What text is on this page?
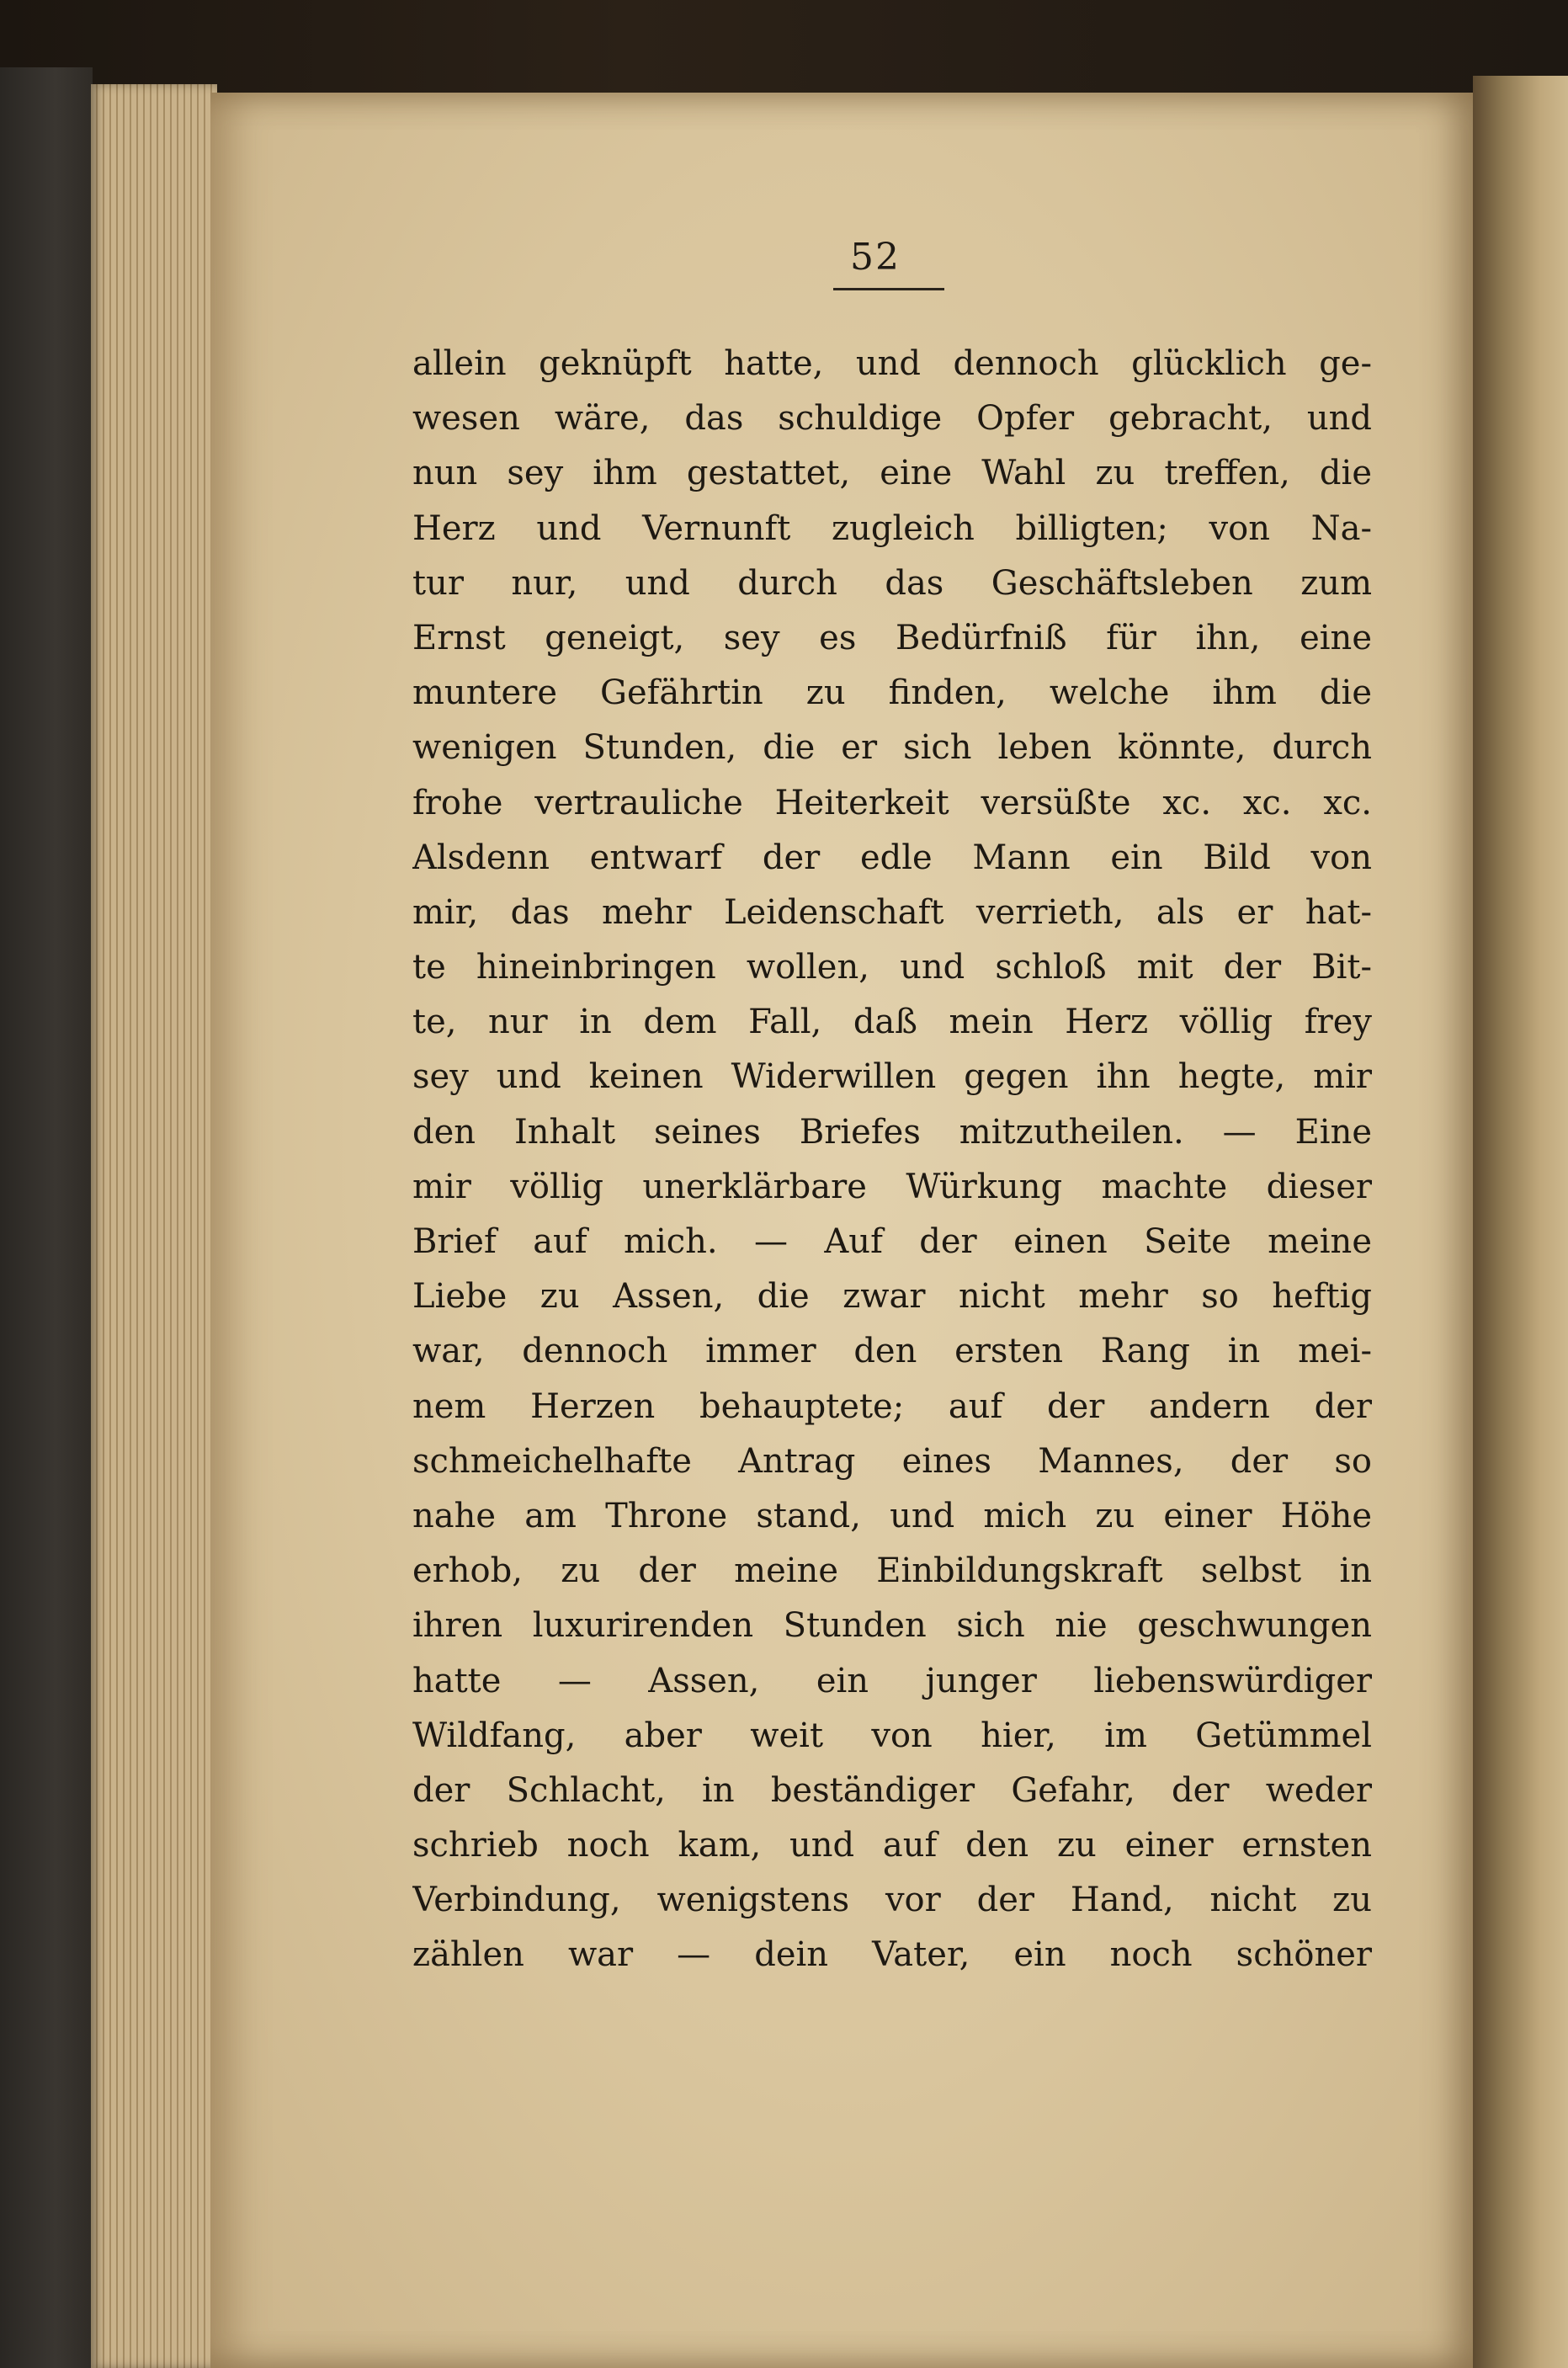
52
allein geknüpft hatte, und dennoch glücklich ge-
wesen wäre, das schuldige Opfer gebracht, und
nun sey ihm gestattet, eine Wahl zu treffen, die
Herz und Vernunft zugleich billigten; von Na-
tur nur, und durch das Geschäftsleben zum
Ernst geneigt, sey es Bedürfniß für ihn, eine
muntere Gefährtin zu finden, welche ihm die
wenigen Stunden, die er sich leben könnte, durch
frohe vertrauliche Heiterkeit versüßte xc. xc. xc.
Alsdenn entwarf der edle Mann ein Bild von
mir, das mehr Leidenschaft verrieth, als er hat-
te hineinbringen wollen, und schloß mit der Bit-
te, nur in dem Fall, daß mein Herz völlig frey
sey und keinen Widerwillen gegen ihn hegte, mir
den Inhalt seines Briefes mitzutheilen. — Eine
mir völlig unerklärbare Würkung machte dieser
Brief auf mich. — Auf der einen Seite meine
Liebe zu Assen, die zwar nicht mehr so heftig
war, dennoch immer den ersten Rang in mei-
nem Herzen behauptete; auf der andern der
schmeichelhafte Antrag eines Mannes, der so
nahe am Throne stand, und mich zu einer Höhe
erhob, zu der meine Einbildungskraft selbst in
ihren luxurirenden Stunden sich nie geschwungen
hatte — Assen, ein junger liebenswürdiger
Wildfang, aber weit von hier, im Getümmel
der Schlacht, in beständiger Gefahr, der weder
schrieb noch kam, und auf den zu einer ernsten
Verbindung, wenigstens vor der Hand, nicht zu
zählen war — dein Vater, ein noch schöner
